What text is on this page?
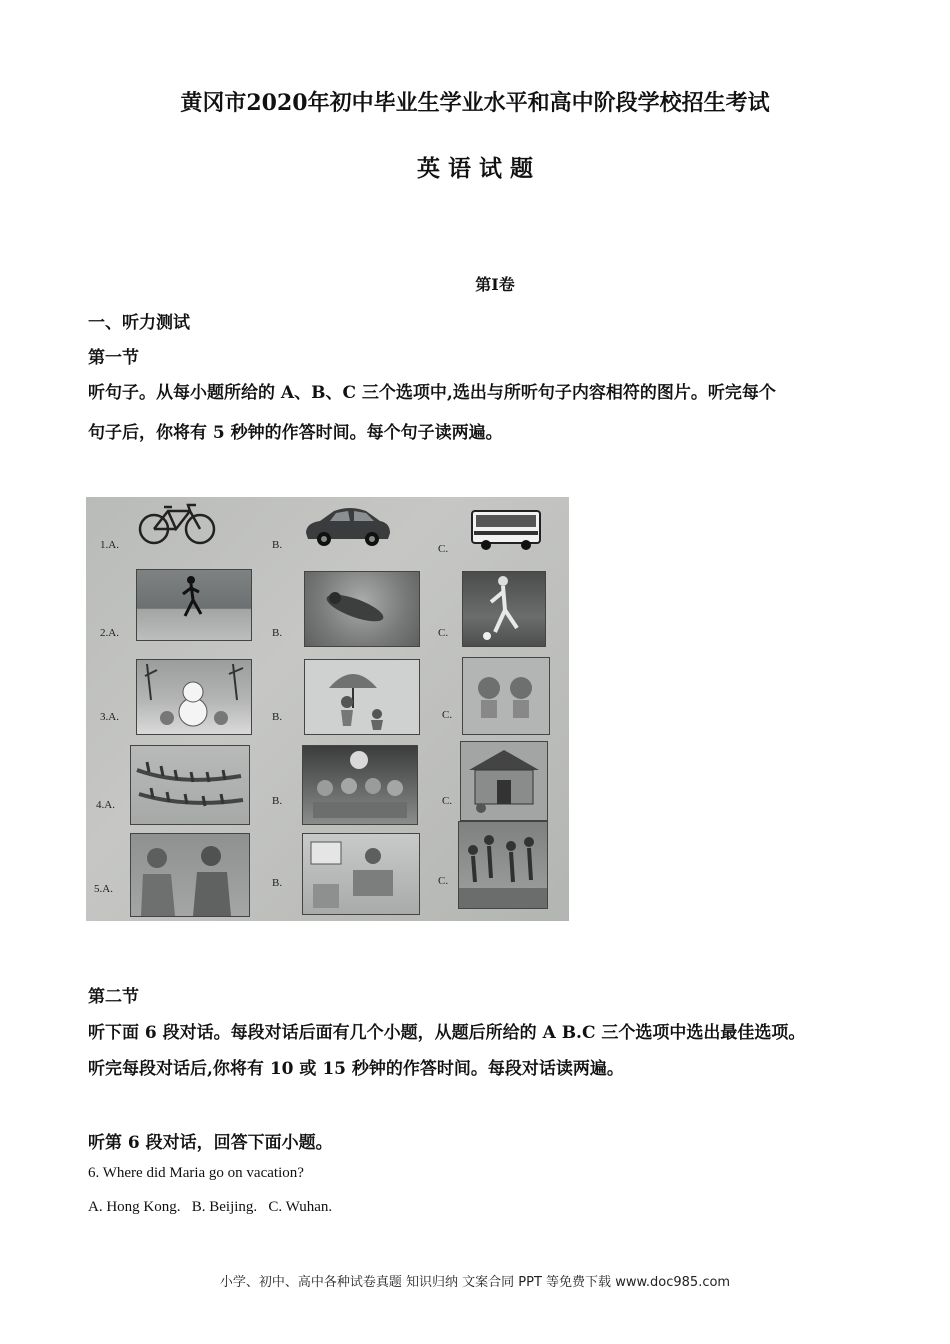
黄冈市2020年初中毕业生学业水平和高中阶段学校招生考试
英 语 试 题
第I卷
一、听力测试
第一节
听句子。从每小题所给的 A、B、C 三个选项中,选出与所听句子内容相符的图片。听完每个
句子后，你将有 5 秒钟的作答时间。每个句子读两遍。
1.A.	B.	C.
2.A.	B.	C.
3.A.	B.	C.
4.A.	B.	C.
5.A.	B.	C.
第二节
听下面 6 段对话。每段对话后面有几个小题，从题后所给的 A B.C 三个选项中选出最佳选项。
听完每段对话后,你将有 10 或 15 秒钟的作答时间。每段对话读两遍。
听第 6 段对话，回答下面小题。
6. Where did Maria go on vacation?
A. Hong Kong.   B. Beijing.   C. Wuhan.
小学、初中、高中各种试卷真题 知识归纳 文案合同 PPT 等免费下载 www.doc985.com
